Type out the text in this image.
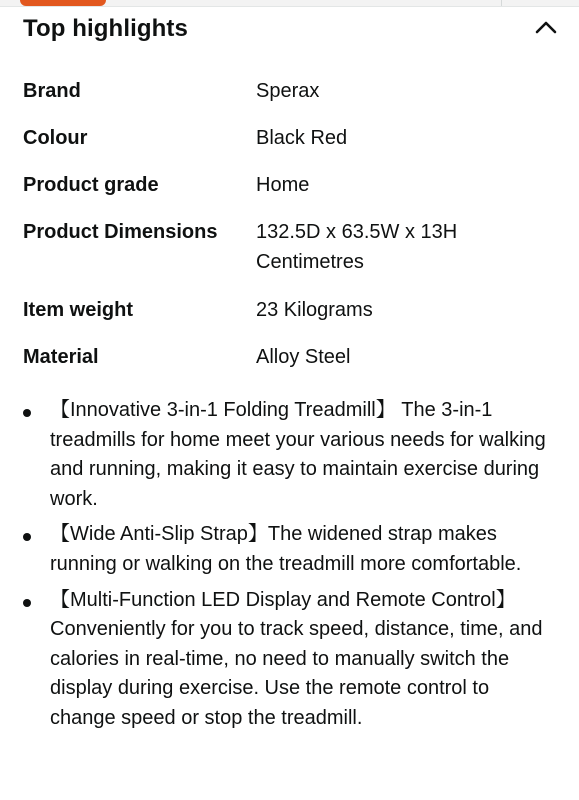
Top highlights
Brand	Sperax
Colour	Black Red
Product grade	Home
Product Dimensions	132.5D x 63.5W x 13H Centimetres
Item weight	23 Kilograms
Material	Alloy Steel
【Innovative 3-in-1 Folding Treadmill】 The 3-in-1 treadmills for home meet your various needs for walking and running, making it easy to maintain exercise during work.
【Wide Anti-Slip Strap】The widened strap makes running or walking on the treadmill more comfortable.
【Multi-Function LED Display and Remote Control】Conveniently for you to track speed, distance, time, and calories in real-time, no need to manually switch the display during exercise. Use the remote control to change speed or stop the treadmill.
